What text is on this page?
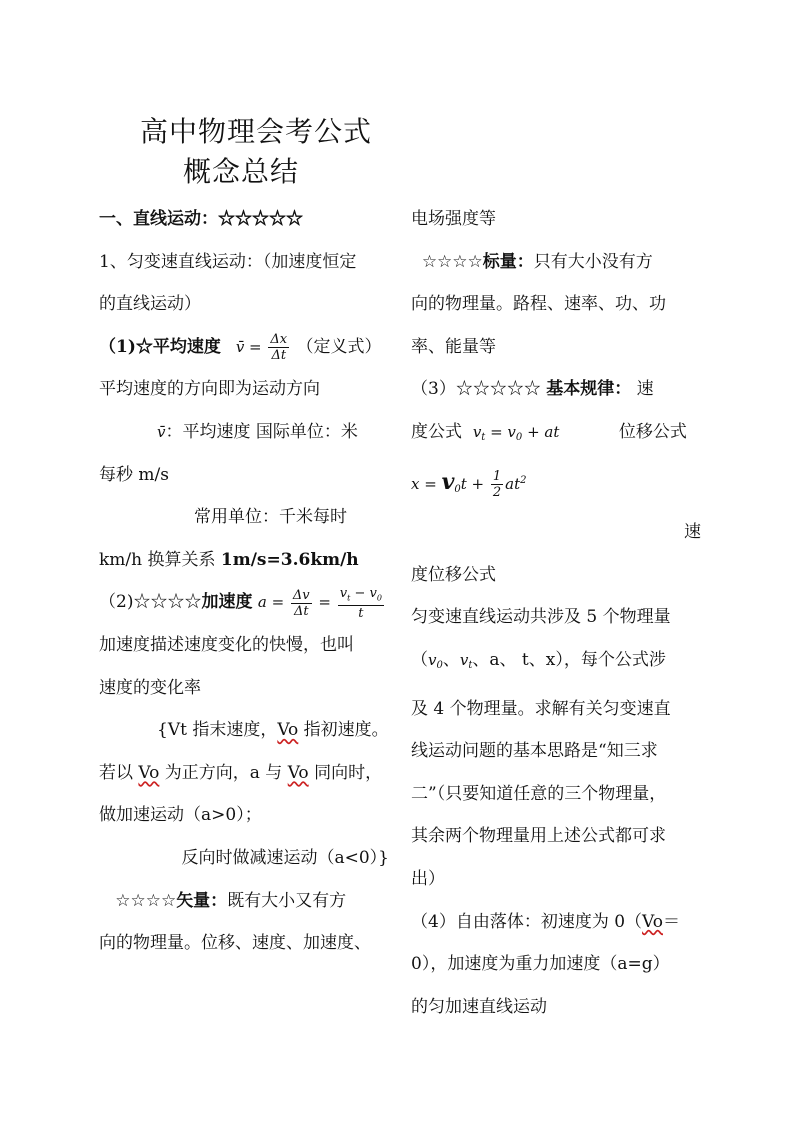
高中物理会考公式
概念总结

一、直线运动：☆☆☆☆☆

1、匀变速直线运动：（加速度恒定

的直线运动）

（1)☆平均速度   v̄ = $\frac{\Delta x}{\Delta t}$ （定义式）

平均速度的方向即为运动方向

v̄：平均速度 国际单位：米

每秒 m/s

常用单位：千米每时

km/h 换算关系 1m/s=3.6km/h

（2)☆☆☆☆加速度 $a = \frac{\Delta v}{\Delta t} = \frac{v_t - v_0}{t}$

加速度描述速度变化的快慢，也叫

速度的变化率

{Vt 指末速度，Vo 指初速度。

若以 Vo 为正方向，a 与 Vo 同向时，

做加速运动（a>0）；

反向时做减速运动（a<0）}

☆☆☆☆矢量：既有大小又有方

向的物理量。位移、速度、加速度、

电场强度等

☆☆☆☆标量：只有大小没有方

向的物理量。路程、速率、功、功

率、能量等

（3）☆☆☆☆☆ 基本规律： 速

度公式 $v_t = v_0$ + at	位移公式

$x = v_0t + \frac{1}{2} at^2$

速

度位移公式

匀变速直线运动共涉及 5 个物理量

（$v_0$、$v_t$、a、 t、x），每个公式涉

及 4 个物理量。求解有关匀变速直

线运动问题的基本思路是“知三求

二”（只要知道任意的三个物理量，

其余两个物理量用上述公式都可求

出）

（4）自由落体：初速度为 0（Vo＝

0），加速度为重力加速度（a=g）

的匀加速直线运动
